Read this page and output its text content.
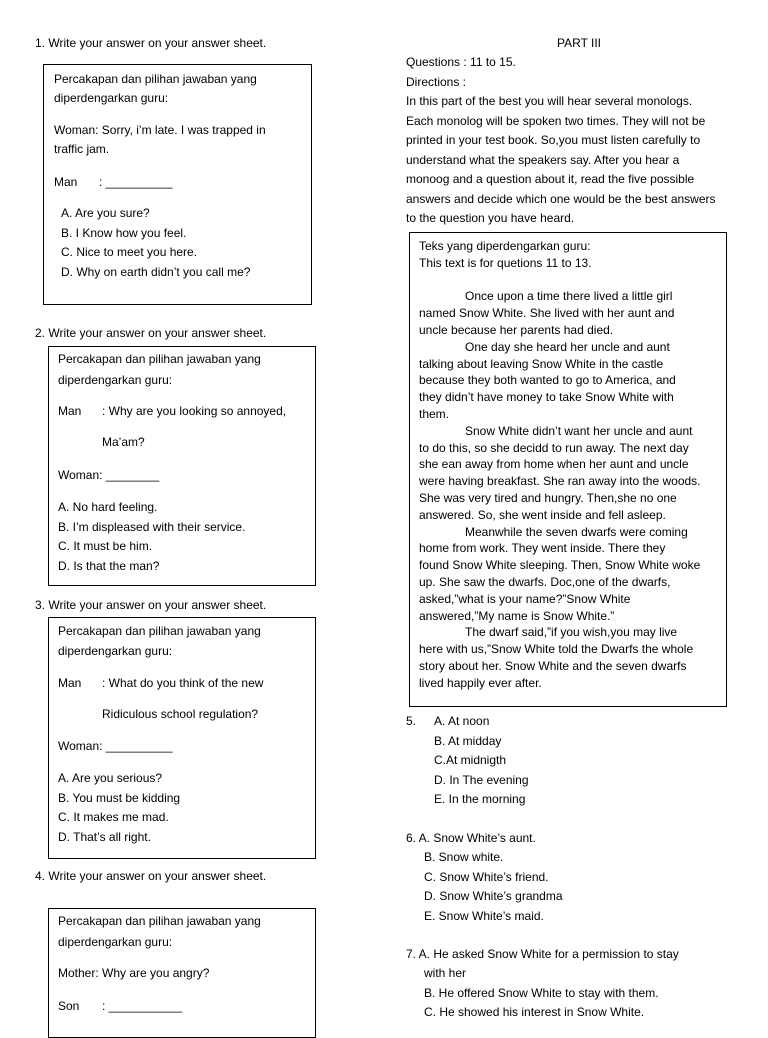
1. Write your answer on your answer sheet.
Percakapan dan pilihan jawaban yang
diperdengarkan guru:
Woman: Sorry, i’m late. I was trapped in
traffic jam.
Man : __________
A. Are you sure?
B. I Know how you feel.
C. Nice to meet you here.
D. Why on earth didn’t you call me?
2. Write your answer on your answer sheet.
Percakapan dan pilihan jawaban yang
diperdengarkan guru:
Man : Why are you looking so annoyed,
Ma’am?
Woman: ________
A. No hard feeling.
B. I’m displeased with their service.
C. It must be him.
D. Is that the man?
3. Write your answer on your answer sheet.
Percakapan dan pilihan jawaban yang
diperdengarkan guru:
Man : What do you think of the new
Ridiculous school regulation?
Woman: __________
A. Are you serious?
B. You must be kidding
C. It makes me mad.
D. That’s all right.
4. Write your answer on your answer sheet.
Percakapan dan pilihan jawaban yang
diperdengarkan guru:
Mother: Why are you angry?
Son : ___________
PART III
Questions : 11 to 15.
Directions :
In this part of the best you will hear several monologs.
Each monolog will be spoken two times. They will not be
printed in your test book. So,you must listen carefully to
understand what the speakers say. After you hear a
monoog and a question about it, read the five possible
answers and decide which one would be the best answers
to the question you have heard.
Teks yang diperdengarkan guru:
This text is for quetions 11 to 13.
Once upon a time there lived a little girl
named Snow White. She lived with her aunt and
uncle because her parents had died.
One day she heard her uncle and aunt
talking about leaving Snow White in the castle
because they both wanted to go to America, and
they didn’t have money to take Snow White with
them.
Snow White didn’t want her uncle and aunt
to do this, so she decidd to run away. The next day
she ean away from home when her aunt and uncle
were having breakfast. She ran away into the woods.
She was very tired and hungry. Then,she no one
answered. So, she went inside and fell asleep.
Meanwhile the seven dwarfs were coming
home from work. They went inside. There they
found Snow White sleeping. Then, Snow White woke
up. She saw the dwarfs. Doc,one of the dwarfs,
asked,”what is your name?”Snow White
answered,”My name is Snow White.”
The dwarf said,”if you wish,you may live
here with us,”Snow White told the Dwarfs the whole
story about her. Snow White and the seven dwarfs
lived happily ever after.
5. A. At noon
B. At midday
C.At midnigth
D. In The evening
E. In the morning
6. A. Snow White’s aunt.
B. Snow white.
C. Snow White’s friend.
D. Snow White’s grandma
E. Snow White’s maid.
7. A. He asked Snow White for a permission to stay
with her
B. He offered Snow White to stay with them.
C. He showed his interest in Snow White.
